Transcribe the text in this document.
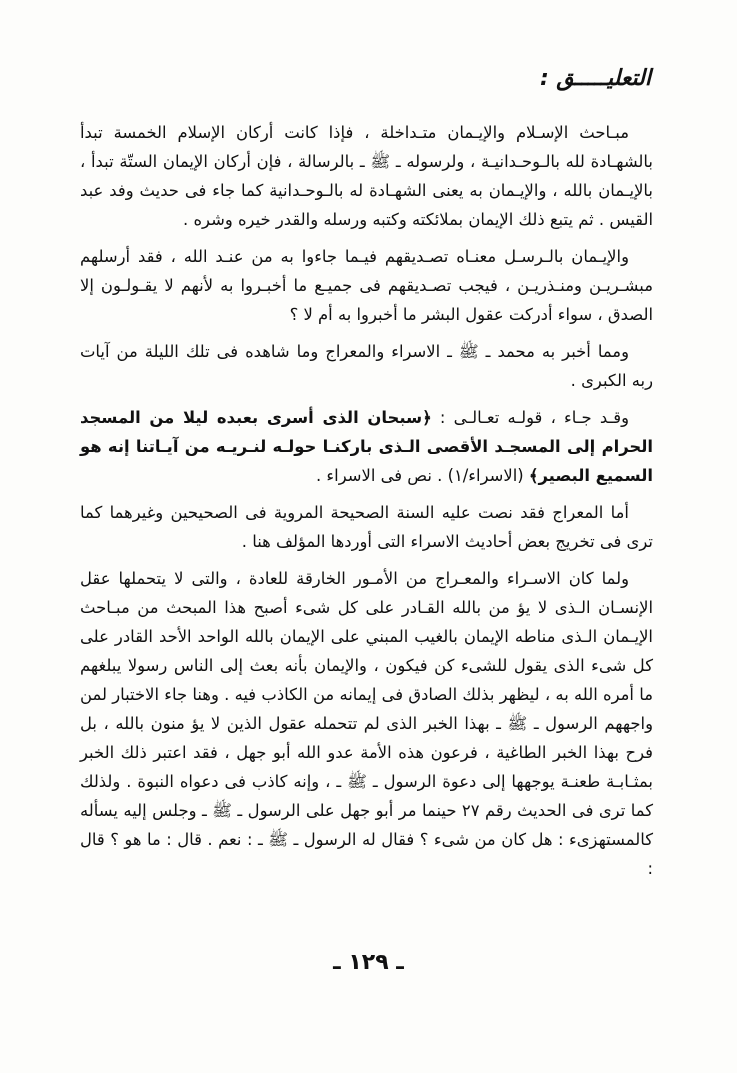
التعليـــــق :

مبـاحث الإسـلام والإيـمان متـداخلة ، فإذا كانت أركان الإسلام الخمسة تبدأ بالشهـادة لله بالـوحـدانيـة ، ولرسوله ـ ﷺ ـ بالرسالة ، فإن أركان الإيمان الستّة تبدأ ، بالإيـمان بالله ، والإيـمان به يعنى الشهـادة له بالـوحـدانية كما جاء فى حديث وفد عبد القيس . ثم يتبع ذلك الإيمان بملائكته وكتبه ورسله والقدر خيره وشره .

والإيـمان بالـرسـل معنـاه تصـديقهم فيـما جاءوا به من عنـد الله ، فقد أرسلهم مبشـريـن ومنـذريـن ، فيجب تصـديقهم فى جميـع ما أخبـروا به لأنهم لا يقـولـون إلا الصدق ، سواء أدركت عقول البشر ما أخبروا به أم لا ؟

ومما أخبر به محمد ـ ﷺ ـ الاسراء والمعراج وما شاهده فى تلك الليلة من آيات ربه الكبرى .

وقـد جـاء ، قولـه تعـالـى : ﴿سبحان الذى أسرى بعبده ليلا من المسجد الحرام إلى المسجـد الأقصى الـذى باركنـا حولـه لنـريـه من آيـاتنا إنه هو السميع البصير﴾ (الاسراء/١) . نص فى الاسراء .

أما المعراج فقد نصت عليه السنة الصحيحة المروية فى الصحيحين وغيرهما كما ترى فى تخريج بعض أحاديث الاسراء التى أوردها المؤلف هنا .

ولما كان الاسـراء والمعـراج من الأمـور الخارقة للعادة ، والتى لا يتحملها عقل الإنسـان الـذى لا يؤ من بالله القـادر على كل شىء أصبح هذا المبحث من مبـاحث الإيـمان الـذى مناطه الإيمان بالغيب المبني على الإيمان بالله الواحد الأحد القادر على كل شىء الذى يقول للشىء كن فيكون ، والإيمان بأنه بعث إلى الناس رسولا يبلغهم ما أمره الله به ، ليظهر بذلك الصادق فى إيمانه من الكاذب فيه . وهنا جاء الاختبار لمن واجههم الرسول ـ ﷺ ـ بهذا الخبر الذى لم تتحمله عقول الذين لا يؤ منون بالله ، بل فرح بهذا الخبر الطاغية ، فرعون هذه الأمة عدو الله أبو جهل ، فقد اعتبر ذلك الخبر بمثـابـة طعنـة يوجهها إلى دعوة الرسول ـ ﷺ ـ ، وإنه كاذب فى دعواه النبوة . ولذلك كما ترى فى الحديث رقم ٢٧ حينما مر أبو جهل على الرسول ـ ﷺ ـ وجلس إليه يسأله كالمستهزىء : هل كان من شىء ؟ فقال له الرسول ـ ﷺ ـ : نعم . قال : ما هو ؟ قال :

ـ ١٢٩ ـ
